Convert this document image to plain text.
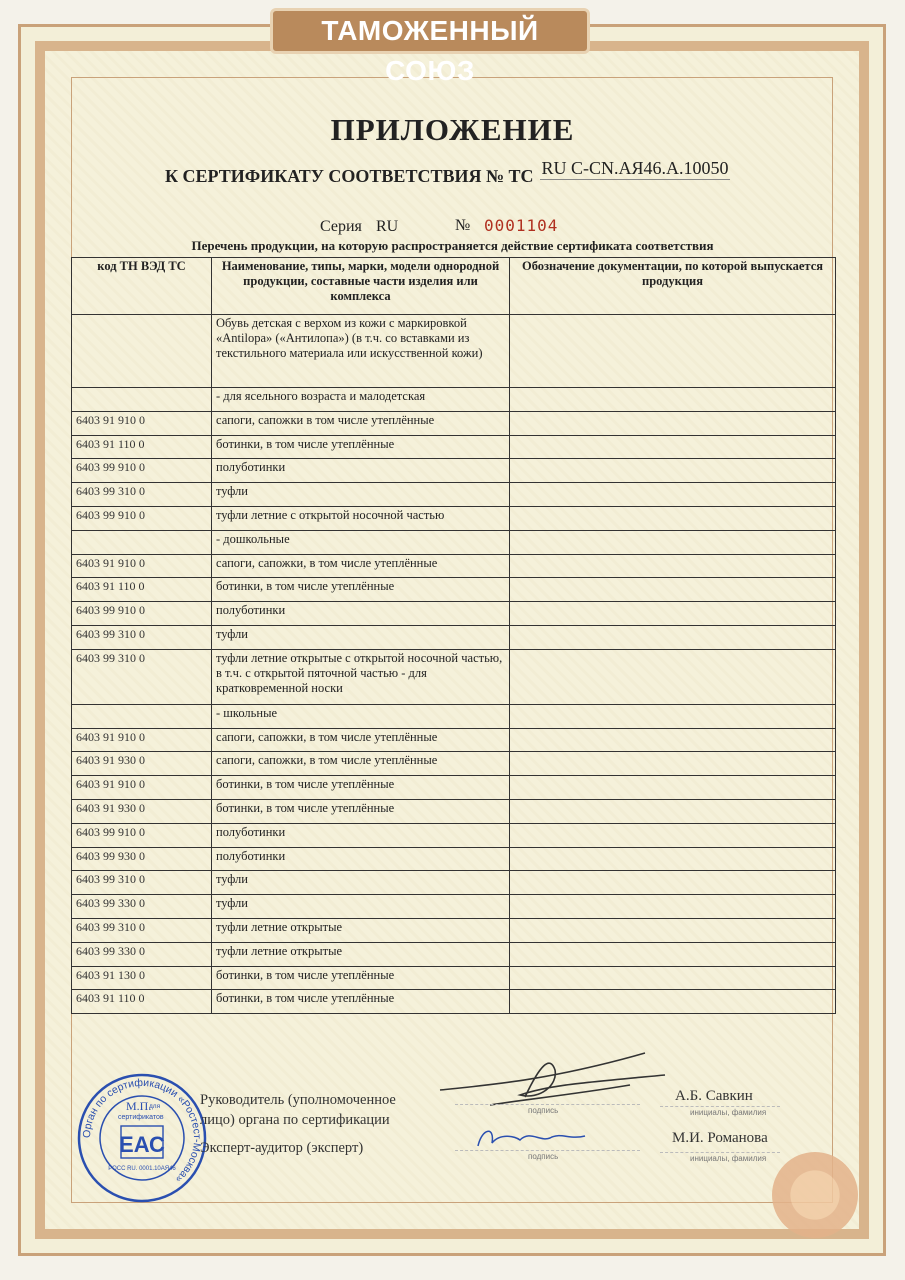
ТАМОЖЕННЫЙ СОЮЗ
ПРИЛОЖЕНИЕ
К СЕРТИФИКАТУ СООТВЕТСТВИЯ № ТС RU C-CN.АЯ46.А.10050
Серия RU	№ 0001104
Перечень продукции, на которую распространяется действие сертификата соответствия
код ТН ВЭД ТС	Наименование, типы, марки, модели однородной продукции, составные части изделия или комплекса	Обозначение документации, по которой выпускается продукция
	Обувь детская с верхом из кожи с маркировкой «Antilopa» («Антилопа») (в т.ч. со вставками из текстильного материала или искусственной кожи)	
	- для ясельного возраста и малодетская	
6403 91 910 0	сапоги, сапожки в том числе утеплённые	
6403 91 110 0	ботинки, в том числе утеплённые	
6403 99 910 0	полуботинки	
6403 99 310 0	туфли	
6403 99 910 0	туфли летние с открытой носочной частью	
	- дошкольные	
6403 91 910 0	сапоги, сапожки, в том числе утеплённые	
6403 91 110 0	ботинки, в том числе утеплённые	
6403 99 910 0	полуботинки	
6403 99 310 0	туфли	
6403 99 310 0	туфли летние открытые с открытой носочной частью, в т.ч. с открытой пяточной частью - для кратковременной носки	
	- школьные	
6403 91 910 0	сапоги, сапожки, в том числе утеплённые	
6403 91 930 0	сапоги, сапожки, в том числе утеплённые	
6403 91 910 0	ботинки, в том числе утеплённые	
6403 91 930 0	ботинки, в том числе утеплённые	
6403 99 910 0	полуботинки	
6403 99 930 0	полуботинки	
6403 99 310 0	туфли	
6403 99 330 0	туфли	
6403 99 310 0	туфли летние открытые	
6403 99 330 0	туфли летние открытые	
6403 91 130 0	ботинки, в том числе утеплённые	
6403 91 110 0	ботинки, в том числе утеплённые	
Орган по сертификации «Ростест-Москва»
М.П.
для
сертификатов
ЕАС
РОСС RU. 0001.10АЯ46
Руководитель (уполномоченное
лицо) органа по сертификации
Эксперт-аудитор (эксперт)
подпись
подпись
А.Б. Савкин
инициалы, фамилия
М.И. Романова
инициалы, фамилия
